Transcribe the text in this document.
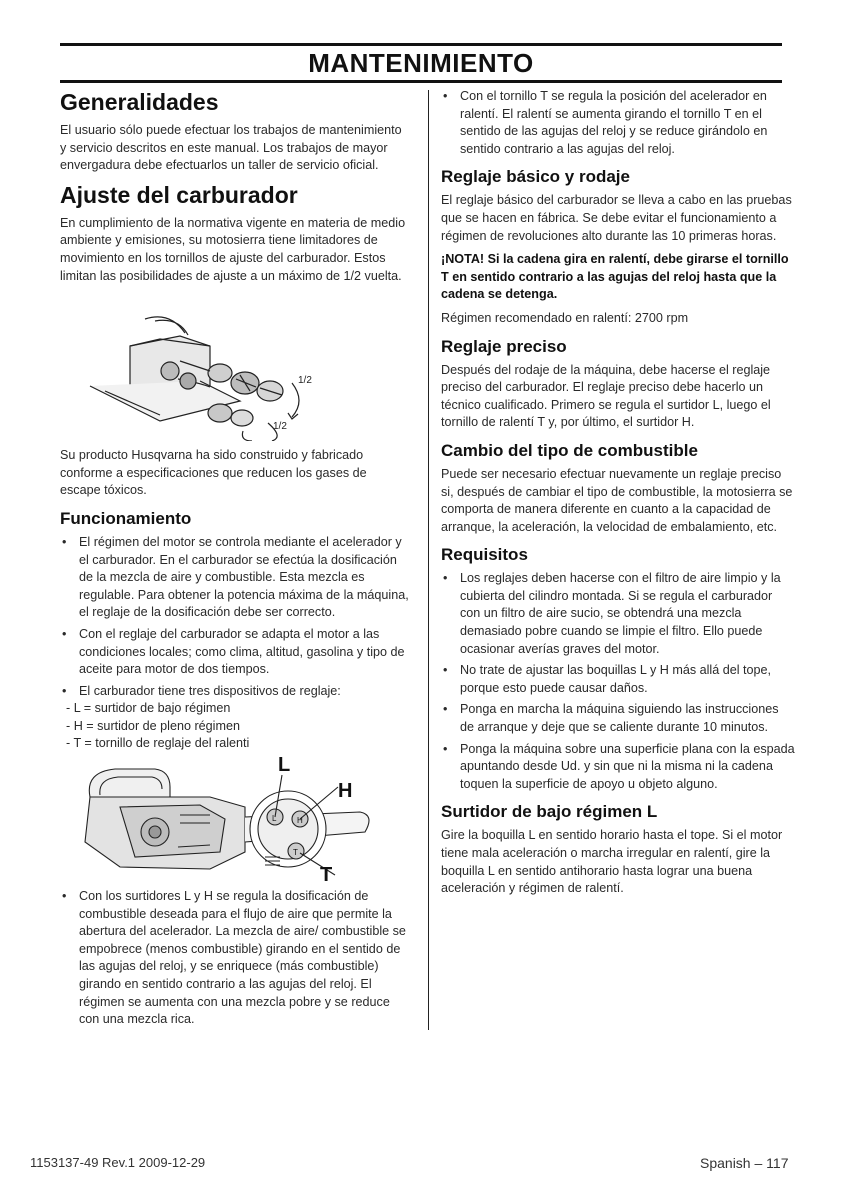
MANTENIMIENTO
Generalidades

El usuario sólo puede efectuar los trabajos de mantenimiento y servicio descritos en este manual. Los trabajos de mayor envergadura debe efectuarlos un taller de servicio oficial.

Ajuste del carburador

En cumplimiento de la normativa vigente en materia de medio ambiente y emisiones, su motosierra tiene limitadores de movimiento en los tornillos de ajuste del carburador. Estos limitan las posibilidades de ajuste a un máximo de 1/2 vuelta.

1/2
1/2

Su producto Husqvarna ha sido construido y fabricado conforme a especificaciones que reducen los gases de escape tóxicos.

Funcionamiento
• El régimen del motor se controla mediante el acelerador y el carburador. En el carburador se efectúa la dosificación de la mezcla de aire y combustible. Esta mezcla es regulable. Para obtener la potencia máxima de la máquina, el reglaje de la dosificación debe ser correcto.
• Con el reglaje del carburador se adapta el motor a las condiciones locales; como clima, altitud, gasolina y tipo de aceite para motor de dos tiempos.
• El carburador tiene tres dispositivos de reglaje:
- L = surtidor de bajo régimen
- H = surtidor de pleno régimen
- T = tornillo de reglaje del ralenti
L
H
T
L	H
T
• Con los surtidores L y H se regula la dosificación de combustible deseada para el flujo de aire que permite la abertura del acelerador. La mezcla de aire/ combustible se empobrece (menos combustible) girando en el sentido de las agujas del reloj, y se enriquece (más combustible) girando en sentido contrario a las agujas del reloj. El régimen se aumenta con una mezcla pobre y se reduce con una mezcla rica.
• Con el tornillo T se regula la posición del acelerador en ralentí. El ralentí se aumenta girando el tornillo T en el sentido de las agujas del reloj y se reduce girándolo en sentido contrario a las agujas del reloj.
Reglaje básico y rodaje

El reglaje básico del carburador se lleva a cabo en las pruebas que se hacen en fábrica. Se debe evitar el funcionamiento a régimen de revoluciones alto durante las 10 primeras horas.

¡NOTA! Si la cadena gira en ralentí, debe girarse el tornillo T en sentido contrario a las agujas del reloj hasta que la cadena se detenga.

Régimen recomendado en ralentí: 2700 rpm

Reglaje preciso

Después del rodaje de la máquina, debe hacerse el reglaje preciso del carburador. El reglaje preciso debe hacerlo un técnico cualificado. Primero se regula el surtidor L, luego el tornillo de ralentí T y, por último, el surtidor H.

Cambio del tipo de combustible

Puede ser necesario efectuar nuevamente un reglaje preciso si, después de cambiar el tipo de combustible, la motosierra se comporta de manera diferente en cuanto a la capacidad de arranque, la aceleración, la velocidad de embalamiento, etc.

Requisitos
• Los reglajes deben hacerse con el filtro de aire limpio y la cubierta del cilindro montada. Si se regula el carburador con un filtro de aire sucio, se obtendrá una mezcla demasiado pobre cuando se limpie el filtro. Ello puede ocasionar averías graves del motor.
• No trate de ajustar las boquillas L y H más allá del tope, porque esto puede causar daños.
• Ponga en marcha la máquina siguiendo las instrucciones de arranque y deje que se caliente durante 10 minutos.
• Ponga la máquina sobre una superficie plana con la espada apuntando desde Ud. y sin que ni la misma ni la cadena toquen la superficie de apoyo u objeto alguno.
Surtidor de bajo régimen L

Gire la boquilla L en sentido horario hasta el tope. Si el motor tiene mala aceleración o marcha irregular en ralentí, gire la boquilla L en sentido antihorario hasta lograr una buena aceleración y régimen de ralentí.

1153137-49 Rev.1 2009-12-29	Spanish – 117
